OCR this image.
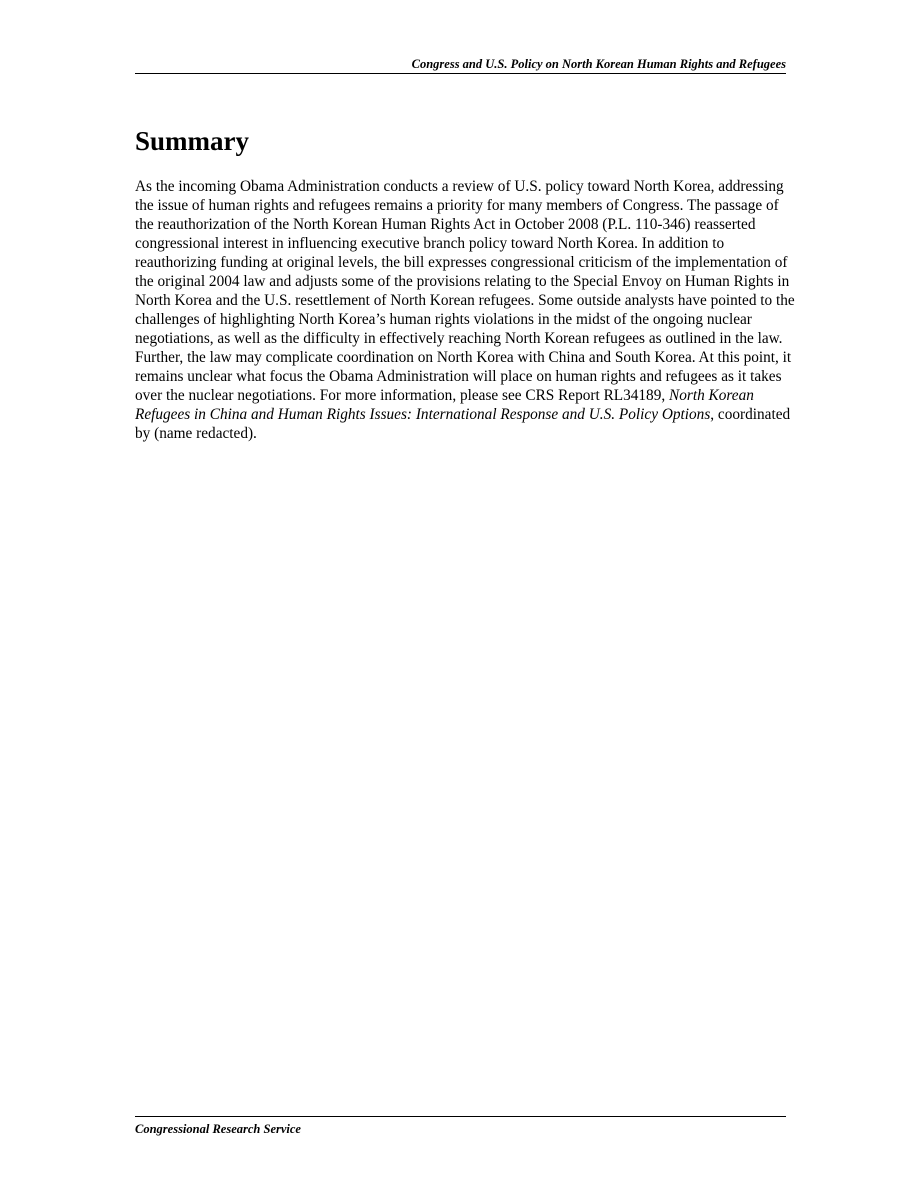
Congress and U.S. Policy on North Korean Human Rights and Refugees
Summary

As the incoming Obama Administration conducts a review of U.S. policy toward North Korea, addressing the issue of human rights and refugees remains a priority for many members of Congress. The passage of the reauthorization of the North Korean Human Rights Act in October 2008 (P.L. 110-346) reasserted congressional interest in influencing executive branch policy toward North Korea. In addition to reauthorizing funding at original levels, the bill expresses congressional criticism of the implementation of the original 2004 law and adjusts some of the provisions relating to the Special Envoy on Human Rights in North Korea and the U.S. resettlement of North Korean refugees. Some outside analysts have pointed to the challenges of highlighting North Korea’s human rights violations in the midst of the ongoing nuclear negotiations, as well as the difficulty in effectively reaching North Korean refugees as outlined in the law. Further, the law may complicate coordination on North Korea with China and South Korea. At this point, it remains unclear what focus the Obama Administration will place on human rights and refugees as it takes over the nuclear negotiations. For more information, please see CRS Report RL34189, North Korean Refugees in China and Human Rights Issues: International Response and U.S. Policy Options, coordinated by (name redacted).

Congressional Research Service
